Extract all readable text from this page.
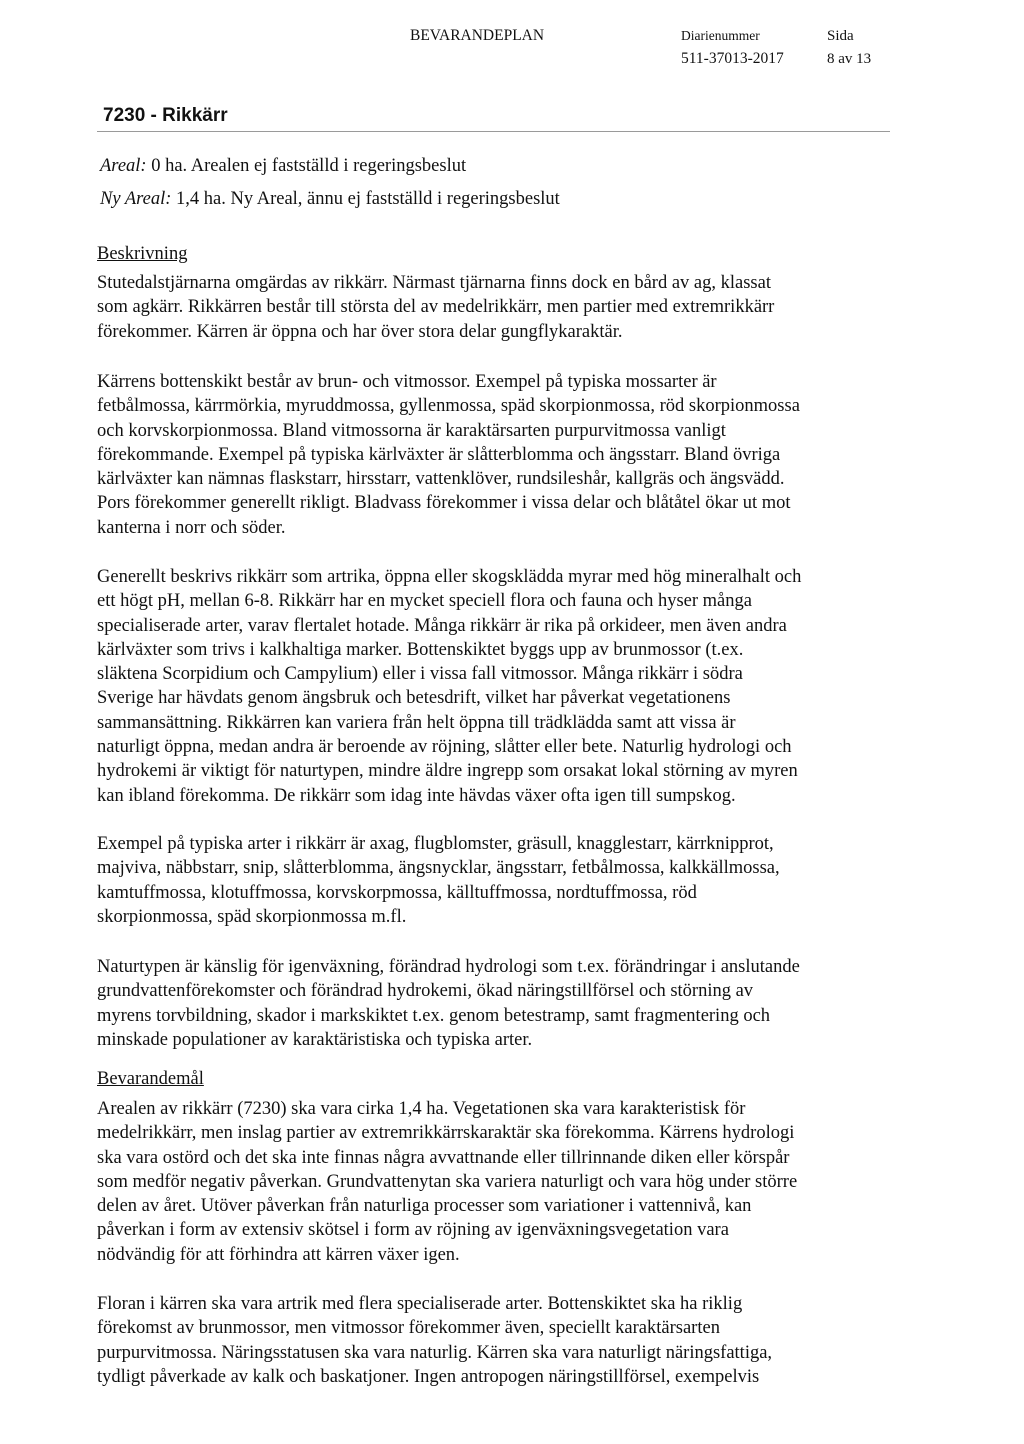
BEVARANDEPLAN	Diarienummer
511-37013-2017
Sida
8 av 13
7230 - Rikkärr
Areal: 0 ha. Arealen ej fastställd i regeringsbeslut
Ny Areal: 1,4 ha. Ny Areal, ännu ej fastställd i regeringsbeslut
Beskrivning
Stutedalstjärnarna omgärdas av rikkärr. Närmast tjärnarna finns dock en bård av ag, klassat
som agkärr. Rikkärren består till största del av medelrikkärr, men partier med extremrikkärr
förekommer. Kärren är öppna och har över stora delar gungflykaraktär.
Kärrens bottenskikt består av brun- och vitmossor. Exempel på typiska mossarter är
fetbålmossa, kärrmörkia, myruddmossa, gyllenmossa, späd skorpionmossa, röd skorpionmossa
och korvskorpionmossa. Bland vitmossorna är karaktärsarten purpurvitmossa vanligt
förekommande. Exempel på typiska kärlväxter är slåtterblomma och ängsstarr. Bland övriga
kärlväxter kan nämnas flaskstarr, hirsstarr, vattenklöver, rundsileshår, kallgräs och ängsvädd.
Pors förekommer generellt rikligt. Bladvass förekommer i vissa delar och blåtåtel ökar ut mot
kanterna i norr och söder.
Generellt beskrivs rikkärr som artrika, öppna eller skogsklädda myrar med hög mineralhalt och
ett högt pH, mellan 6-8. Rikkärr har en mycket speciell flora och fauna och hyser många
specialiserade arter, varav flertalet hotade. Många rikkärr är rika på orkideer, men även andra
kärlväxter som trivs i kalkhaltiga marker. Bottenskiktet byggs upp av brunmossor (t.ex.
släktena Scorpidium och Campylium) eller i vissa fall vitmossor. Många rikkärr i södra
Sverige har hävdats genom ängsbruk och betesdrift, vilket har påverkat vegetationens
sammansättning. Rikkärren kan variera från helt öppna till trädklädda samt att vissa är
naturligt öppna, medan andra är beroende av röjning, slåtter eller bete. Naturlig hydrologi och
hydrokemi är viktigt för naturtypen, mindre äldre ingrepp som orsakat lokal störning av myren
kan ibland förekomma. De rikkärr som idag inte hävdas växer ofta igen till sumpskog.
Exempel på typiska arter i rikkärr är axag, flugblomster, gräsull, knagglestarr, kärrknipprot,
majviva, näbbstarr, snip, slåtterblomma, ängsnycklar, ängsstarr, fetbålmossa, kalkkällmossa,
kamtuffmossa, klotuffmossa, korvskorpmossa, källtuffmossa, nordtuffmossa, röd
skorpionmossa, späd skorpionmossa m.fl.
Naturtypen är känslig för igenväxning, förändrad hydrologi som t.ex. förändringar i anslutande
grundvattenförekomster och förändrad hydrokemi, ökad näringstillförsel och störning av
myrens torvbildning, skador i markskiktet t.ex. genom betestramp, samt fragmentering och
minskade populationer av karaktäristiska och typiska arter.
Bevarandemål
Arealen av rikkärr (7230) ska vara cirka 1,4 ha. Vegetationen ska vara karakteristisk för
medelrikkärr, men inslag partier av extremrikkärrskaraktär ska förekomma. Kärrens hydrologi
ska vara ostörd och det ska inte finnas några avvattnande eller tillrinnande diken eller körspår
som medför negativ påverkan. Grundvattenytan ska variera naturligt och vara hög under större
delen av året. Utöver påverkan från naturliga processer som variationer i vattennivå, kan
påverkan i form av extensiv skötsel i form av röjning av igenväxningsvegetation vara
nödvändig för att förhindra att kärren växer igen.
Floran i kärren ska vara artrik med flera specialiserade arter. Bottenskiktet ska ha riklig
förekomst av brunmossor, men vitmossor förekommer även, speciellt karaktärsarten
purpurvitmossa. Näringsstatusen ska vara naturlig. Kärren ska vara naturligt näringsfattiga,
tydligt påverkade av kalk och baskatjoner. Ingen antropogen näringstillförsel, exempelvis
